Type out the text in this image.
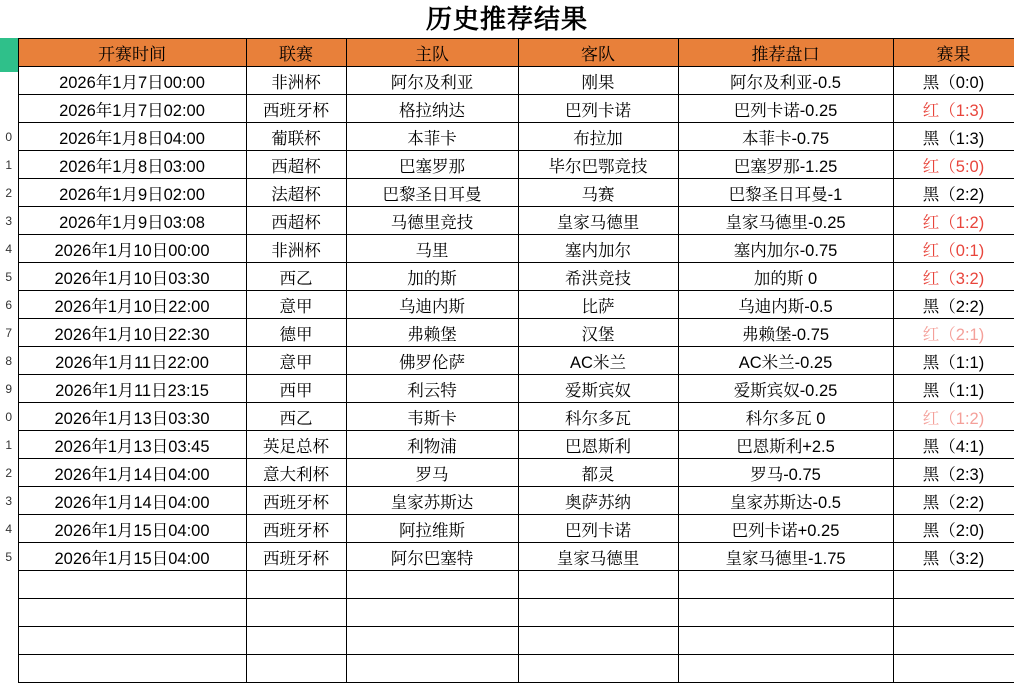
历史推荐结果
	开赛时间	联赛	主队	客队	推荐盘口	赛果
	2026年1月7日00:00	非洲杯	阿尔及利亚	刚果	阿尔及利亚-0.5	黑（0:0)
	2026年1月7日02:00	西班牙杯	格拉纳达	巴列卡诺	巴列卡诺-0.25	红（1:3)
0	2026年1月8日04:00	葡联杯	本菲卡	布拉加	本菲卡-0.75	黑（1:3)
1	2026年1月8日03:00	西超杯	巴塞罗那	毕尔巴鄂竞技	巴塞罗那-1.25	红（5:0)
2	2026年1月9日02:00	法超杯	巴黎圣日耳曼	马赛	巴黎圣日耳曼-1	黑（2:2)
3	2026年1月9日03:08	西超杯	马德里竞技	皇家马德里	皇家马德里-0.25	红（1:2)
4	2026年1月10日00:00	非洲杯	马里	塞内加尔	塞内加尔-0.75	红（0:1)
5	2026年1月10日03:30	西乙	加的斯	希洪竞技	加的斯 0	红（3:2)
6	2026年1月10日22:00	意甲	乌迪内斯	比萨	乌迪内斯-0.5	黑（2:2)
7	2026年1月10日22:30	德甲	弗赖堡	汉堡	弗赖堡-0.75	红（2:1)
8	2026年1月11日22:00	意甲	佛罗伦萨	AC米兰	AC米兰-0.25	黑（1:1)
9	2026年1月11日23:15	西甲	利云特	爱斯宾奴	爱斯宾奴-0.25	黑（1:1)
0	2026年1月13日03:30	西乙	韦斯卡	科尔多瓦	科尔多瓦 0	红（1:2)
1	2026年1月13日03:45	英足总杯	利物浦	巴恩斯利	巴恩斯利+2.5	黑（4:1)
2	2026年1月14日04:00	意大利杯	罗马	都灵	罗马-0.75	黑（2:3)
3	2026年1月14日04:00	西班牙杯	皇家苏斯达	奥萨苏纳	皇家苏斯达-0.5	黑（2:2)
4	2026年1月15日04:00	西班牙杯	阿拉维斯	巴列卡诺	巴列卡诺+0.25	黑（2:0)
5	2026年1月15日04:00	西班牙杯	阿尔巴塞特	皇家马德里	皇家马德里-1.75	黑（3:2)
